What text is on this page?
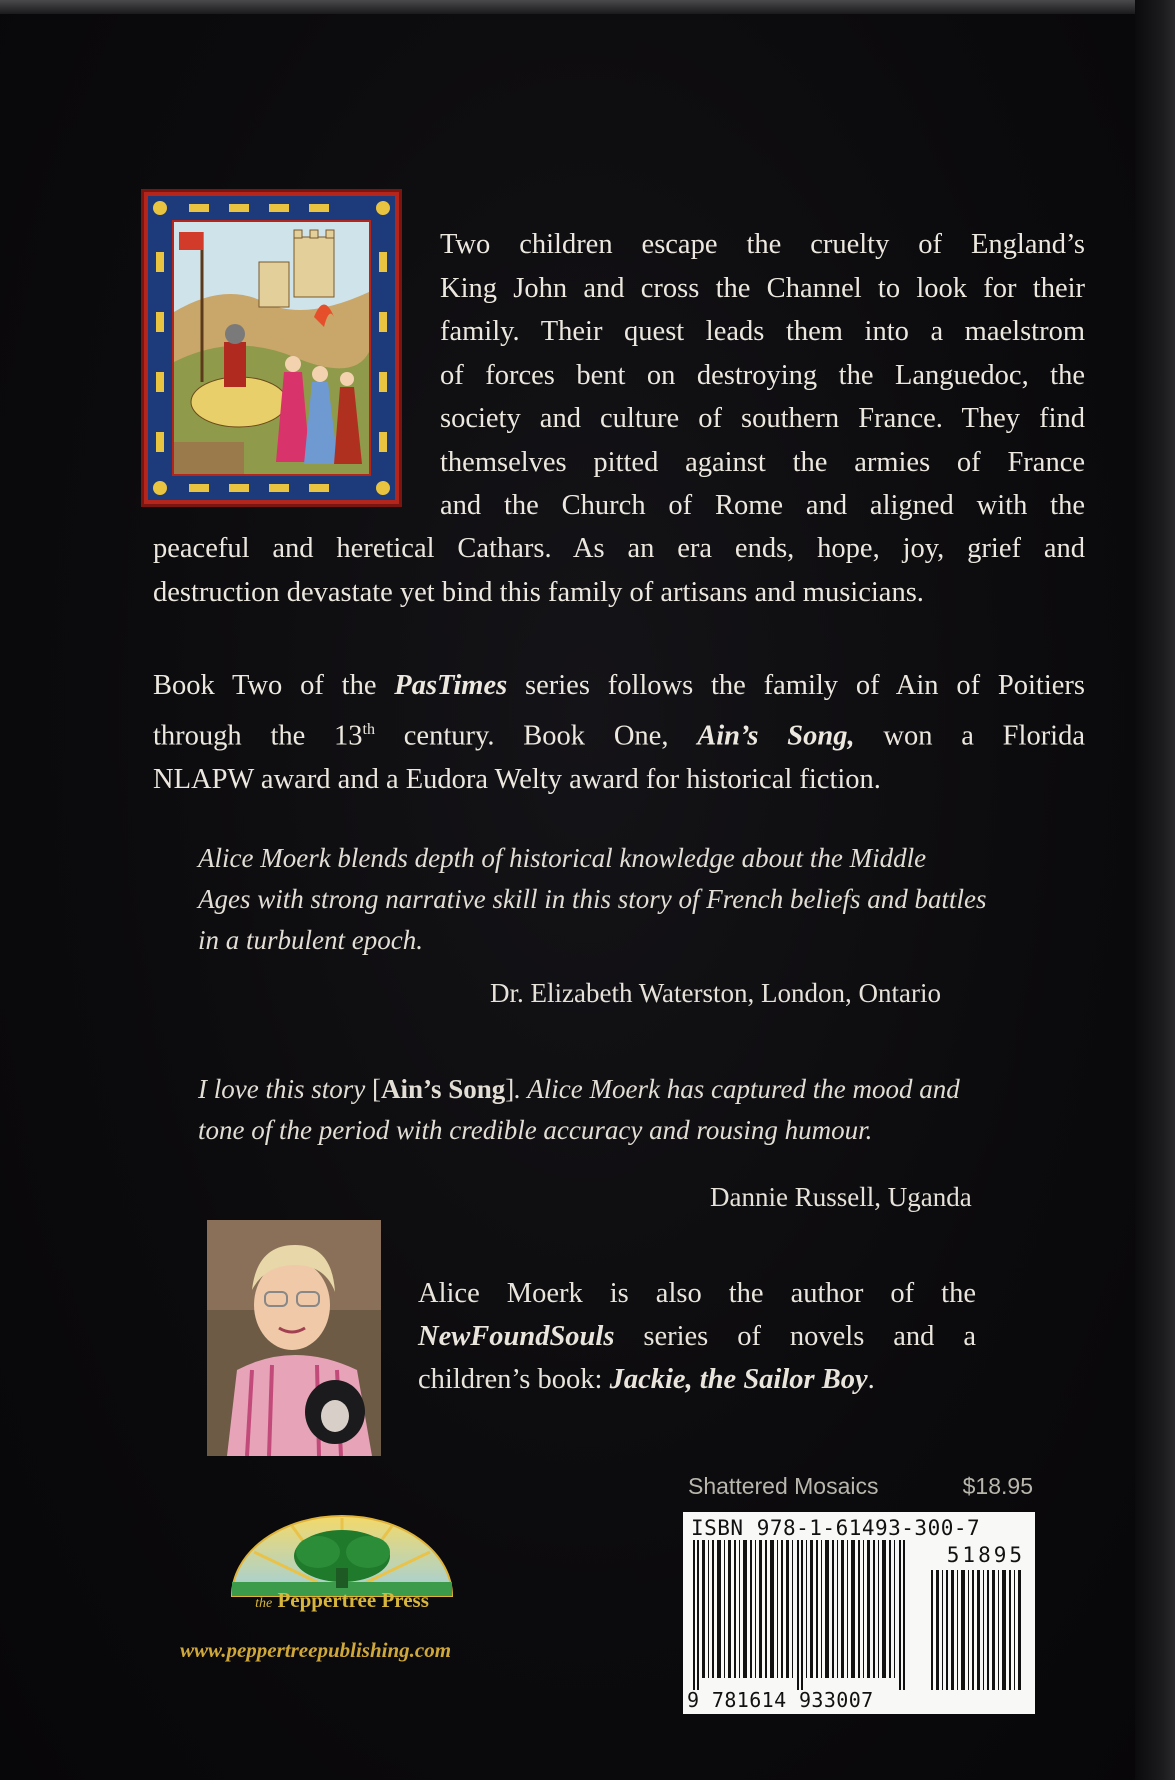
Two children escape the cruelty of England’s
King John and cross the Channel to look for their
family. Their quest leads them into a maelstrom
of forces bent on destroying the Languedoc, the
society and culture of southern France. They find
themselves pitted against the armies of France
and the Church of Rome and aligned with the
peaceful and heretical Cathars. As an era ends, hope, joy, grief and
destruction devastate yet bind this family of artisans and musicians.
Book Two of the PasTimes series follows the family of Ain of Poitiers
through the 13th century. Book One, Ain’s Song, won a Florida
NLAPW award and a Eudora Welty award for historical fiction.
Alice Moerk blends depth of historical knowledge about the Middle
Ages with strong narrative skill in this story of French beliefs and battles
in a turbulent epoch.
Dr. Elizabeth Waterston, London, Ontario
I love this story [Ain’s Song]. Alice Moerk has captured the mood and
tone of the period with credible accuracy and rousing humour.
Dannie Russell, Uganda
Alice Moerk is also the author of the
NewFoundSouls series of novels and a
children’s book: Jackie, the Sailor Boy.
Shattered Mosaics	$18.95
ISBN 978-1-61493-300-7
51895
9 781614 933007
the Peppertree Press
www.peppertreepublishing.com
